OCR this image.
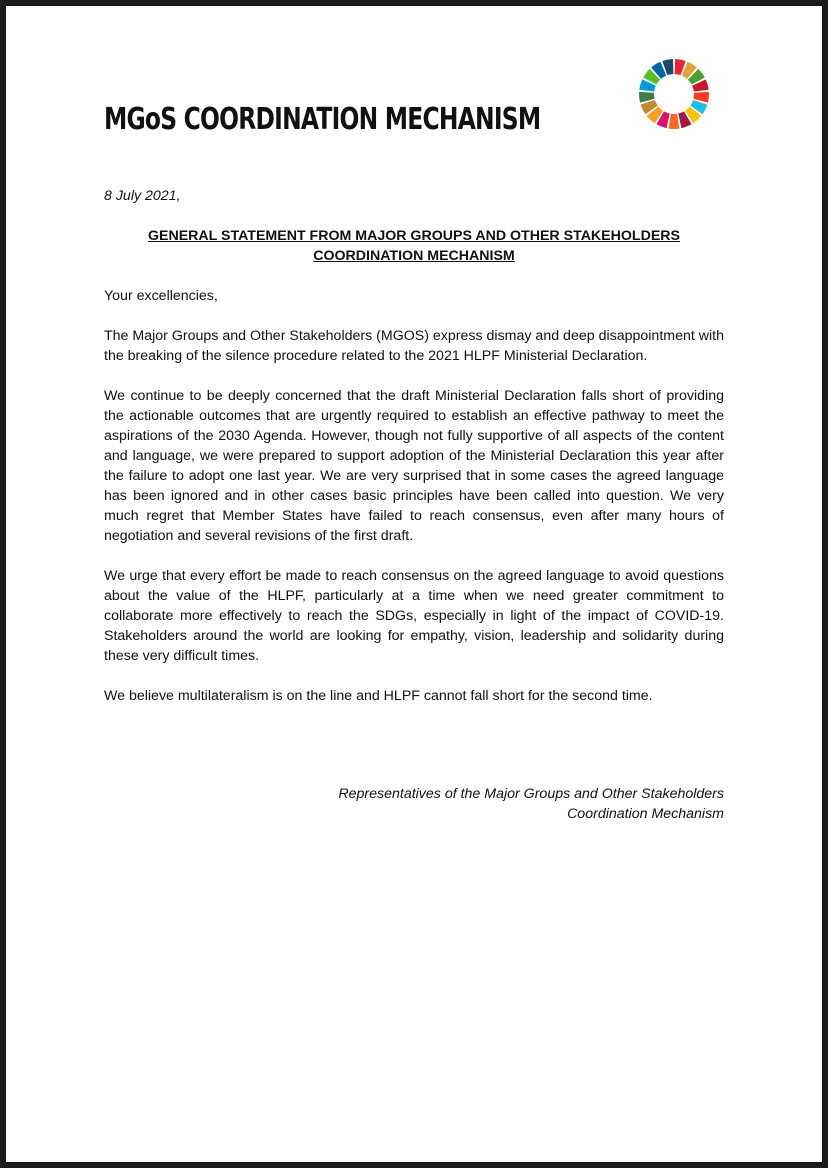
MGoS COORDINATION MECHANISM

8 July 2021,

GENERAL STATEMENT FROM MAJOR GROUPS AND OTHER STAKEHOLDERS
COORDINATION MECHANISM

Your excellencies,

The Major Groups and Other Stakeholders (MGOS) express dismay and deep disappointment with the breaking of the silence procedure related to the 2021 HLPF Ministerial Declaration.

We continue to be deeply concerned that the draft Ministerial Declaration falls short of providing the actionable outcomes that are urgently required to establish an effective pathway to meet the aspirations of the 2030 Agenda. However, though not fully supportive of all aspects of the content and language, we were prepared to support adoption of the Ministerial Declaration this year after the failure to adopt one last year. We are very surprised that in some cases the agreed language has been ignored and in other cases basic principles have been called into question. We very much regret that Member States have failed to reach consensus, even after many hours of negotiation and several revisions of the first draft.

We urge that every effort be made to reach consensus on the agreed language to avoid questions about the value of the HLPF, particularly at a time when we need greater commitment to collaborate more effectively to reach the SDGs, especially in light of the impact of COVID-19. Stakeholders around the world are looking for empathy, vision, leadership and solidarity during these very difficult times.

We believe multilateralism is on the line and HLPF cannot fall short for the second time.

Representatives of the Major Groups and Other Stakeholders
Coordination Mechanism
